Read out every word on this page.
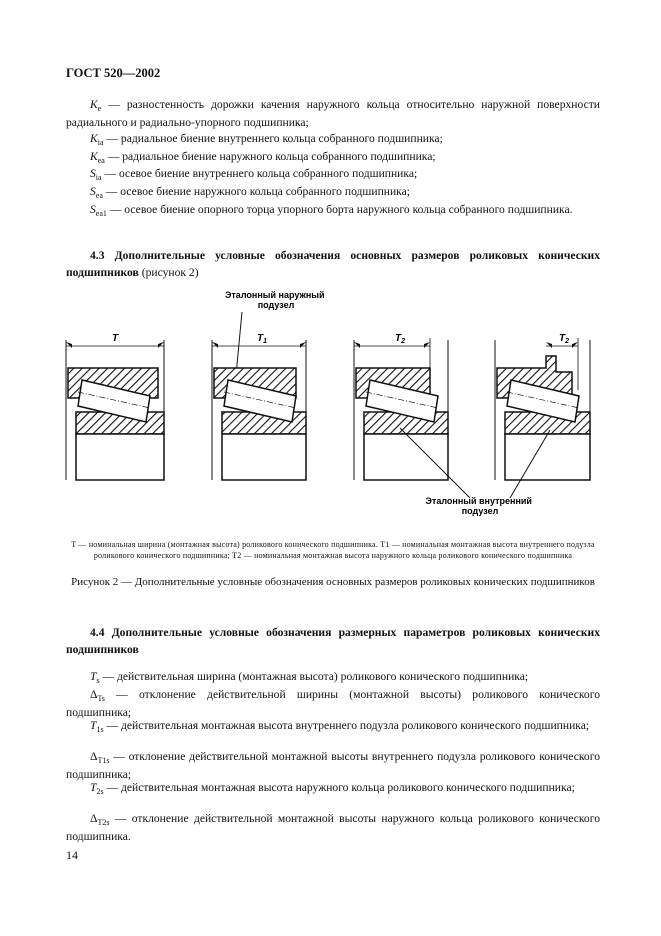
ГОСТ 520—2002
$K_e$ — разностенность дорожки качения наружного кольца относительно наружной поверхности радиального и радиально-упорного подшипника;
$K_{ia}$ — радиальное биение внутреннего кольца собранного подшипника;
$K_{ea}$ — радиальное биение наружного кольца собранного подшипника;
$S_{ia}$ — осевое биение внутреннего кольца собранного подшипника;
$S_{ea}$ — осевое биение наружного кольца собранного подшипника;
$S_{ea1}$ — осевое биение опорного торца упорного борта наружного кольца собранного подшипника.
4.3 Дополнительные условные обозначения основных размеров роликовых конических подшипников (рисунок 2)
Эталонный наружный подузел
T	$T_1$	$T_2$	$T_2$
Эталонный внутренний подузел
T — номинальная ширина (монтажная высота) роликового конического подшипника. T1 — номинальная монтажная высота внутреннего подузла роликового конического подшипника; T2 — номинальная монтажная высота наружного кольца роликового конического подшипника
Рисунок 2 — Дополнительные условные обозначения основных размеров роликовых конических подшипников
4.4 Дополнительные условные обозначения размерных параметров роликовых конических подшипников
$T_s$ — действительная ширина (монтажная высота) роликового конического подшипника;
$\Delta_{Ts}$ — отклонение действительной ширины (монтажной высоты) роликового конического подшипника;
$T_{1s}$ — действительная монтажная высота внутреннего подузла роликового конического подшипника;
$\Delta_{T1s}$ — отклонение действительной монтажной высоты внутреннего подузла роликового конического подшипника;
$T_{2s}$ — действительная монтажная высота наружного кольца роликового конического подшипника;
$\Delta_{T2s}$ — отклонение действительной монтажной высоты наружного кольца роликового конического подшипника.
14
